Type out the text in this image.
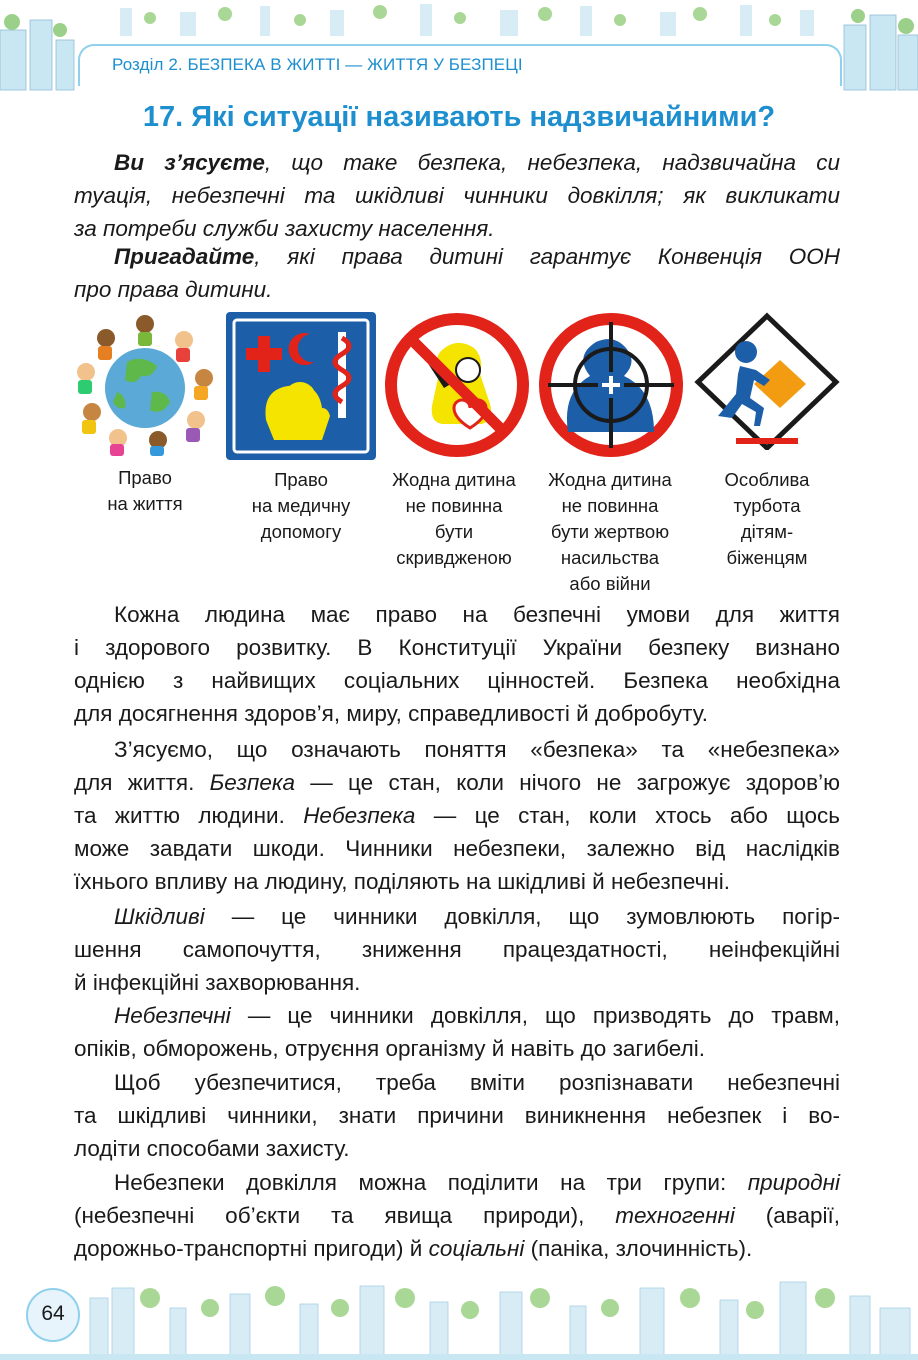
Розділ 2. БЕЗПЕКА В ЖИТТІ — ЖИТТЯ У БЕЗПЕЦІ
17. Які ситуації називають надзвичайними?
Ви з’ясуєте, що таке безпека, небезпека, надзвичайна си
туація, небезпечні та шкідливі чинники довкілля; як викликати
за потреби служби захисту населення.
Пригадайте, які права дитині гарантує Конвенція ООН
про права дитини.
Право
на життя
Право
на медичну
допомогу
Жодна дитина
не повинна
бути
скривдженою
Жодна дитина
не повинна
бути жертвою
насильства
або війни
Особлива
турбота
дітям-
біженцям
Кожна людина має право на безпечні умови для життя
і здорового розвитку. В Конституції України безпеку визнано
однією з найвищих соціальних цінностей. Безпека необхідна
для досягнення здоров’я, миру, справедливості й добробуту.
З’ясуємо, що означають поняття «безпека» та «небезпека»
для життя. Безпека — це стан, коли нічого не загрожує здоров’ю
та життю людини. Небезпека — це стан, коли хтось або щось
може завдати шкоди. Чинники небезпеки, залежно від наслідків
їхнього впливу на людину, поділяють на шкідливі й небезпечні.
Шкідливі — це чинники довкілля, що зумовлюють погір-
шення самопочуття, зниження працездатності, неінфекційні
й інфекційні захворювання.
Небезпечні — це чинники довкілля, що призводять до травм,
опіків, обморожень, отруєння організму й навіть до загибелі.
Щоб убезпечитися, треба вміти розпізнавати небезпечні
та шкідливі чинники, знати причини виникнення небезпек і во-
лодіти способами захисту.
Небезпеки довкілля можна поділити на три групи: природні
(небезпечні об’єкти та явища природи), техногенні (аварії,
дорожньо-транспортні пригоди) й соціальні (паніка, злочинність).
64
